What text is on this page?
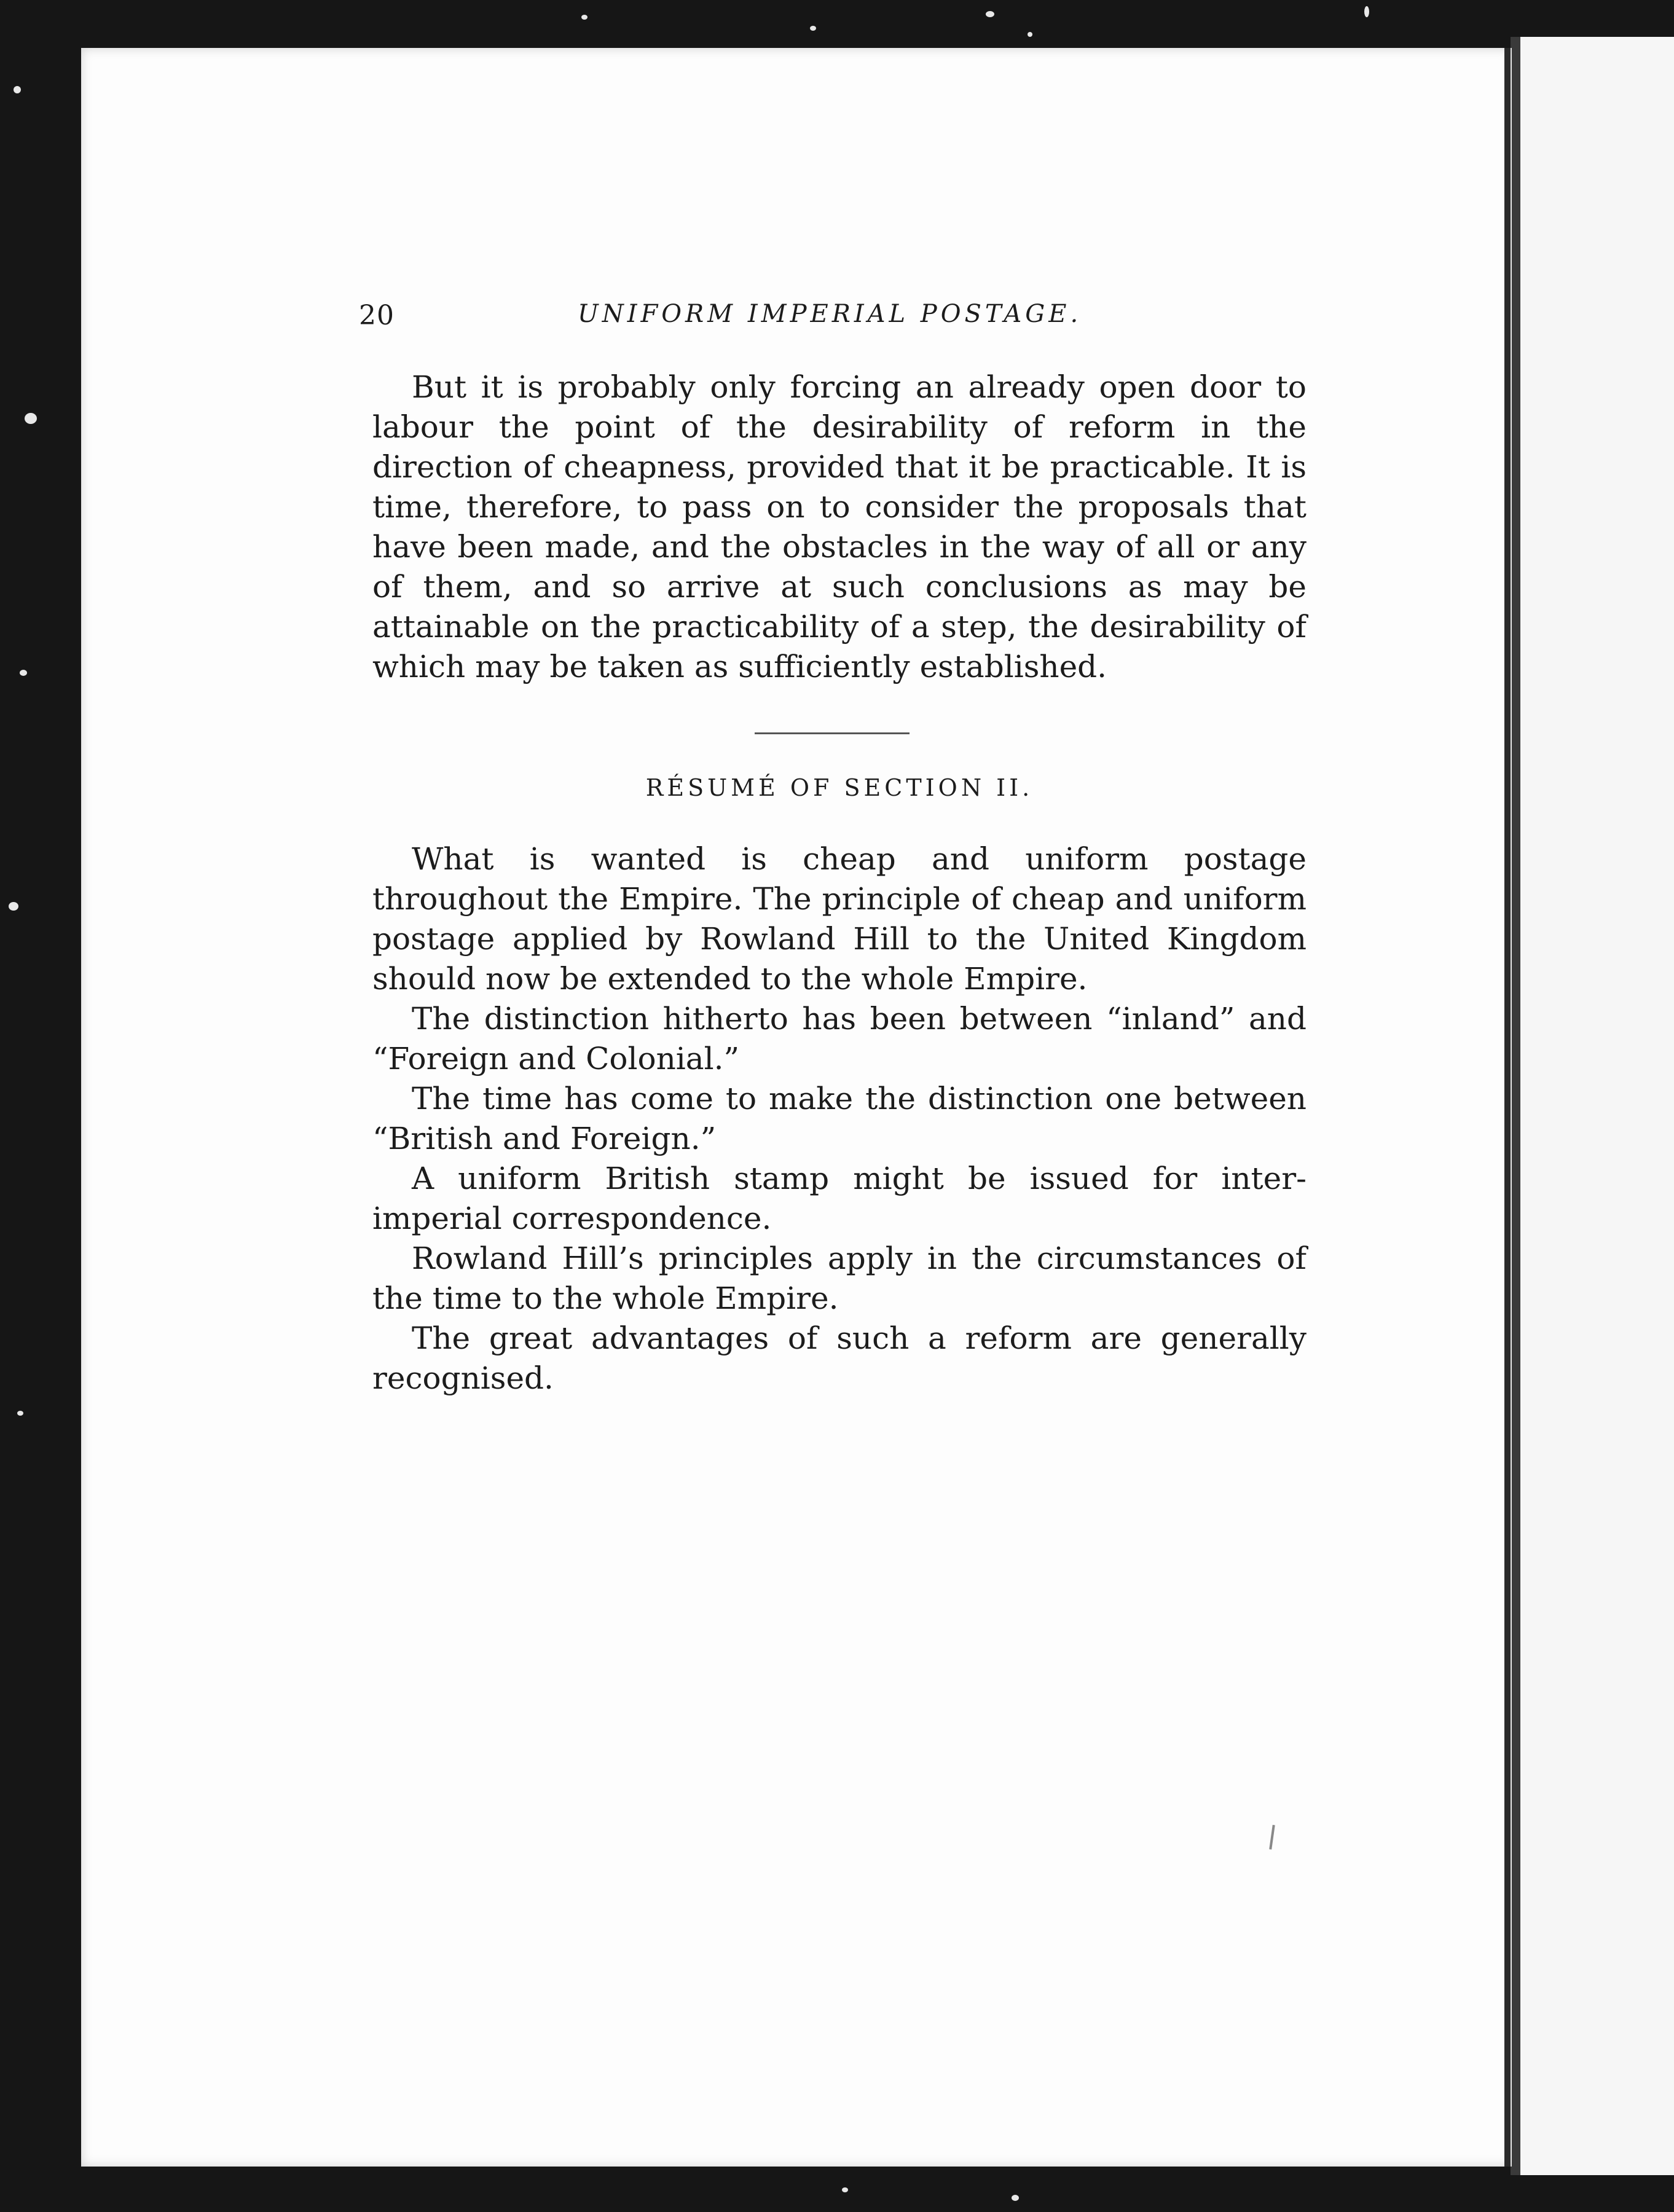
20	UNIFORM IMPERIAL POSTAGE.

But it is probably only forcing an already open door to labour the point of the desirability of reform in the direction of cheapness, provided that it be practicable. It is time, therefore, to pass on to consider the proposals that have been made, and the obstacles in the way of all or any of them, and so arrive at such conclusions as may be attainable on the practicability of a step, the desirability of which may be taken as sufficiently established.

RÉSUMÉ OF SECTION II.

What is wanted is cheap and uniform postage throughout the Empire. The principle of cheap and uniform postage applied by Rowland Hill to the United Kingdom should now be extended to the whole Empire.

The distinction hitherto has been between “inland” and “Foreign and Colonial.”

The time has come to make the distinction one between “British and Foreign.”

A uniform British stamp might be issued for inter-imperial correspondence.

Rowland Hill’s principles apply in the circumstances of the time to the whole Empire.

The great advantages of such a reform are generally recognised.
